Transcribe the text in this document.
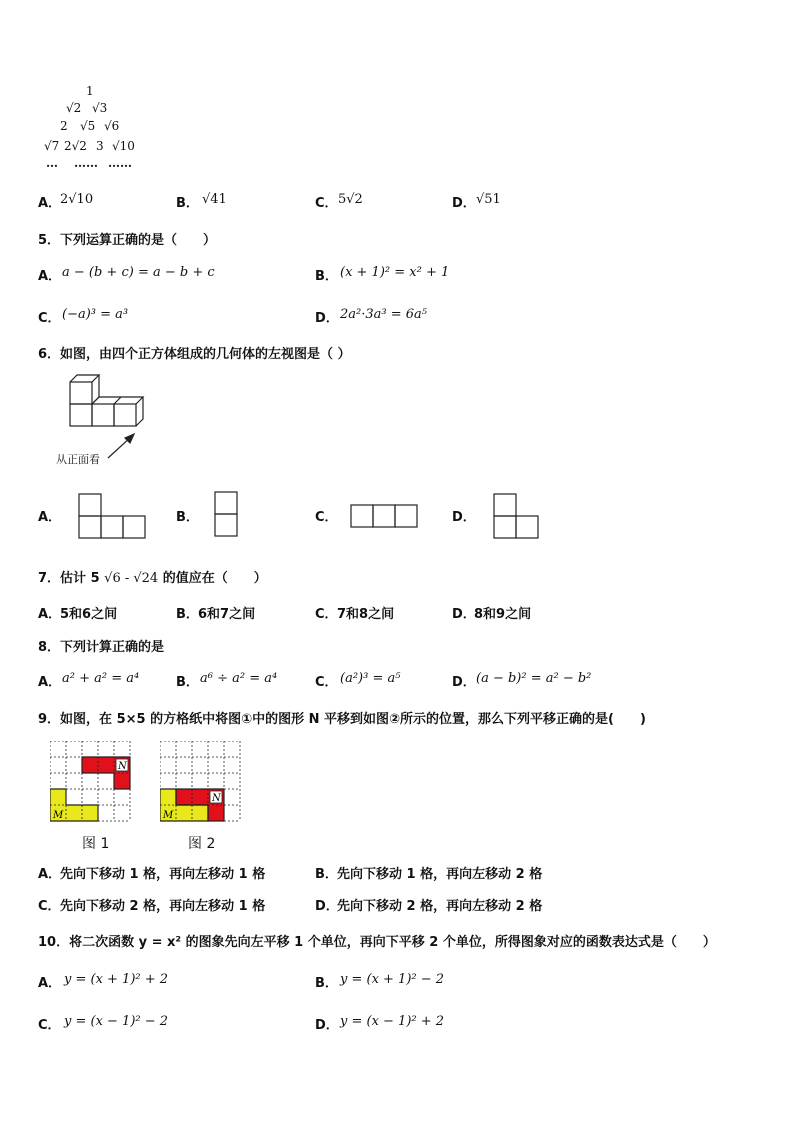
1
√2 √3
2 √5 √6
√7 2√2 3 √10
… …… ……
A．
2√10	B． √41	C． 5√2	D． √51
5．下列运算正确的是（　　）
A． a − (b + c) = a − b + c	B． (x + 1)² = x² + 1
C． (−a)³ = a³	D． 2a²·3a³ = 6a⁵
6．如图，由四个正方体组成的几何体的左视图是（ ）
从正面看
A．	B．	C．	D．
7．估计 5 √6 - √24 的值应在（　　）
A．
5和6之间	B． 6和7之间	C． 7和8之间	D．
8和9之间
8．下列计算正确的是
A． a² + a² = a⁴	B． a⁶ ÷ a² = a⁴	C． (a²)³ = a⁵	D． (a − b)² = a² − b²
9．如图，在 5×5 的方格纸中将图①中的图形 N 平移到如图②所示的位置，那么下列平移正确的是(　　)
N
M
图 1
N
M
图 2
A．
先向下移动 1 格，再向左移动 1 格	B． 先向下移动 1 格，再向左移动 2 格
C． 先向下移动 2 格，再向左移动 1 格	D．
先向下移动 2 格，再向左移动 2 格
10．将二次函数 y = x² 的图象先向左平移 1 个单位，再向下平移 2 个单位，所得图象对应的函数表达式是（　　）
A． y = (x + 1)² + 2	B． y = (x + 1)² − 2
C． y = (x − 1)² − 2	D． y = (x − 1)² + 2
